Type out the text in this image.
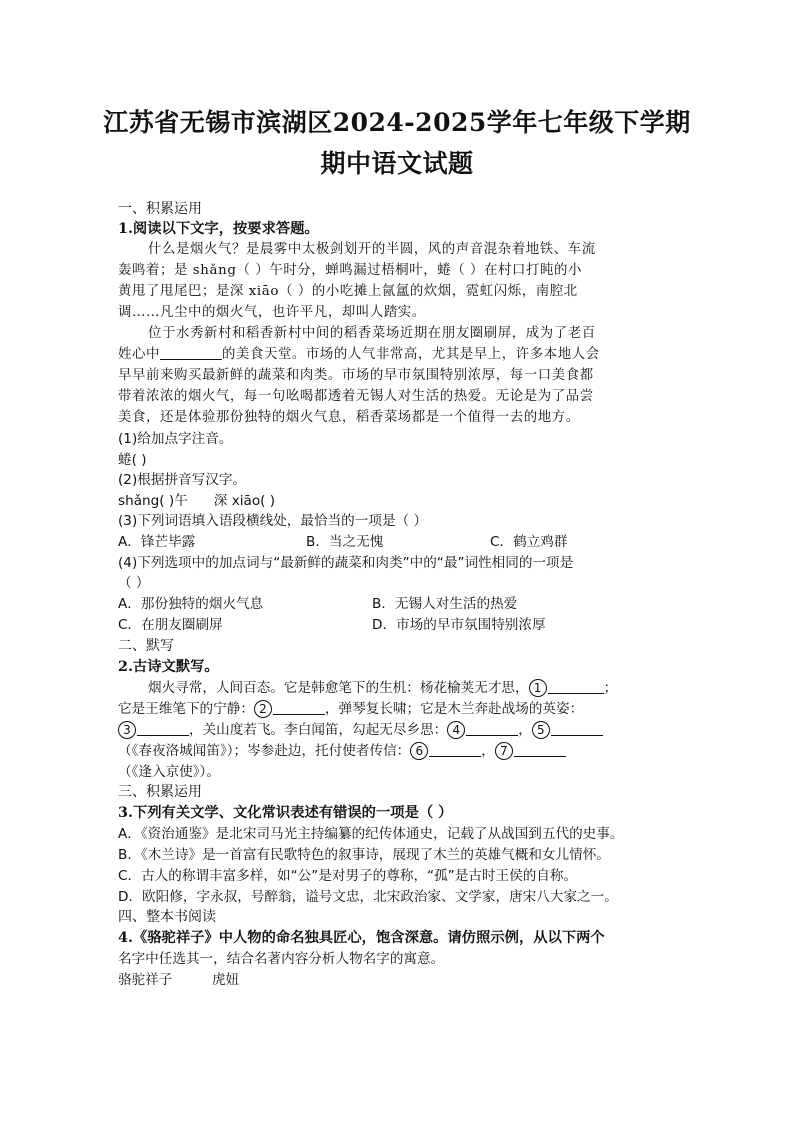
江苏省无锡市滨湖区2024-2025学年七年级下学期
期中语文试题
一、积累运用
1.阅读以下文字，按要求答题。
什么是烟火气？是晨雾中太极剑划开的半圆，风的声音混杂着地铁、车流
轰鸣着；是 shǎng（ ）午时分，蝉鸣漏过梧桐叶，蜷（ ）在村口打盹的小
黄甩了甩尾巴；是深 xiāo（ ）的小吃摊上氤氲的炊烟，霓虹闪烁，南腔北
调……凡尘中的烟火气，也许平凡，却叫人踏实。
位于水秀新村和稻香新村中间的稻香菜场近期在朋友圈刷屏，成为了老百
姓心中	的美食天堂。市场的人气非常高，尤其是早上，许多本地人会
早早前来购买最新鲜的蔬菜和肉类。市场的早市氛围特别浓厚，每一口美食都
带着浓浓的烟火气，每一句吆喝都透着无锡人对生活的热爱。无论是为了品尝
美食，还是体验那份独特的烟火气息，稻香菜场都是一个值得一去的地方。
(1)给加点字注音。
蜷( )
(2)根据拼音写汉字。
shǎng( )午 深 xiāo( )
(3)下列词语填入语段横线处，最恰当的一项是（ ）
A．锋芒毕露	B．当之无愧	C．鹤立鸡群
(4)下列选项中的加点词与“最新鲜的蔬菜和肉类”中的“最”词性相同的一项是
（ ）
A．那份独特的烟火气息	B．无锡人对生活的热爱
C．在朋友圈刷屏	D．市场的早市氛围特别浓厚
二、默写
2.古诗文默写。
烟火寻常，人间百态。它是韩愈笔下的生机：杨花榆荚无才思， 1	；
它是王维笔下的宁静： 2	，弹琴复长啸；它是木兰奔赴战场的英姿：
3	，关山度若飞。李白闻笛，勾起无尽乡思： 4	， 5
（《春夜洛城闻笛》）；岑参赴边，托付使者传信： 6	， 7
（《逢入京使》）。
三、积累运用
3.下列有关文学、文化常识表述有错误的一项是（ ）
A．《资治通鉴》是北宋司马光主持编纂的纪传体通史，记载了从战国到五代的史事。
B．《木兰诗》是一首富有民歌特色的叙事诗，展现了木兰的英雄气概和女儿情怀。
C．古人的称谓丰富多样，如“公”是对男子的尊称，“孤”是古时王侯的自称。
D．欧阳修，字永叔，号醉翁，谥号文忠，北宋政治家、文学家，唐宋八大家之一。
四、整本书阅读
4.《骆驼祥子》中人物的命名独具匠心，饱含深意。请仿照示例，从以下两个
名字中任选其一，结合名著内容分析人物名字的寓意。
骆驼祥子	虎妞
